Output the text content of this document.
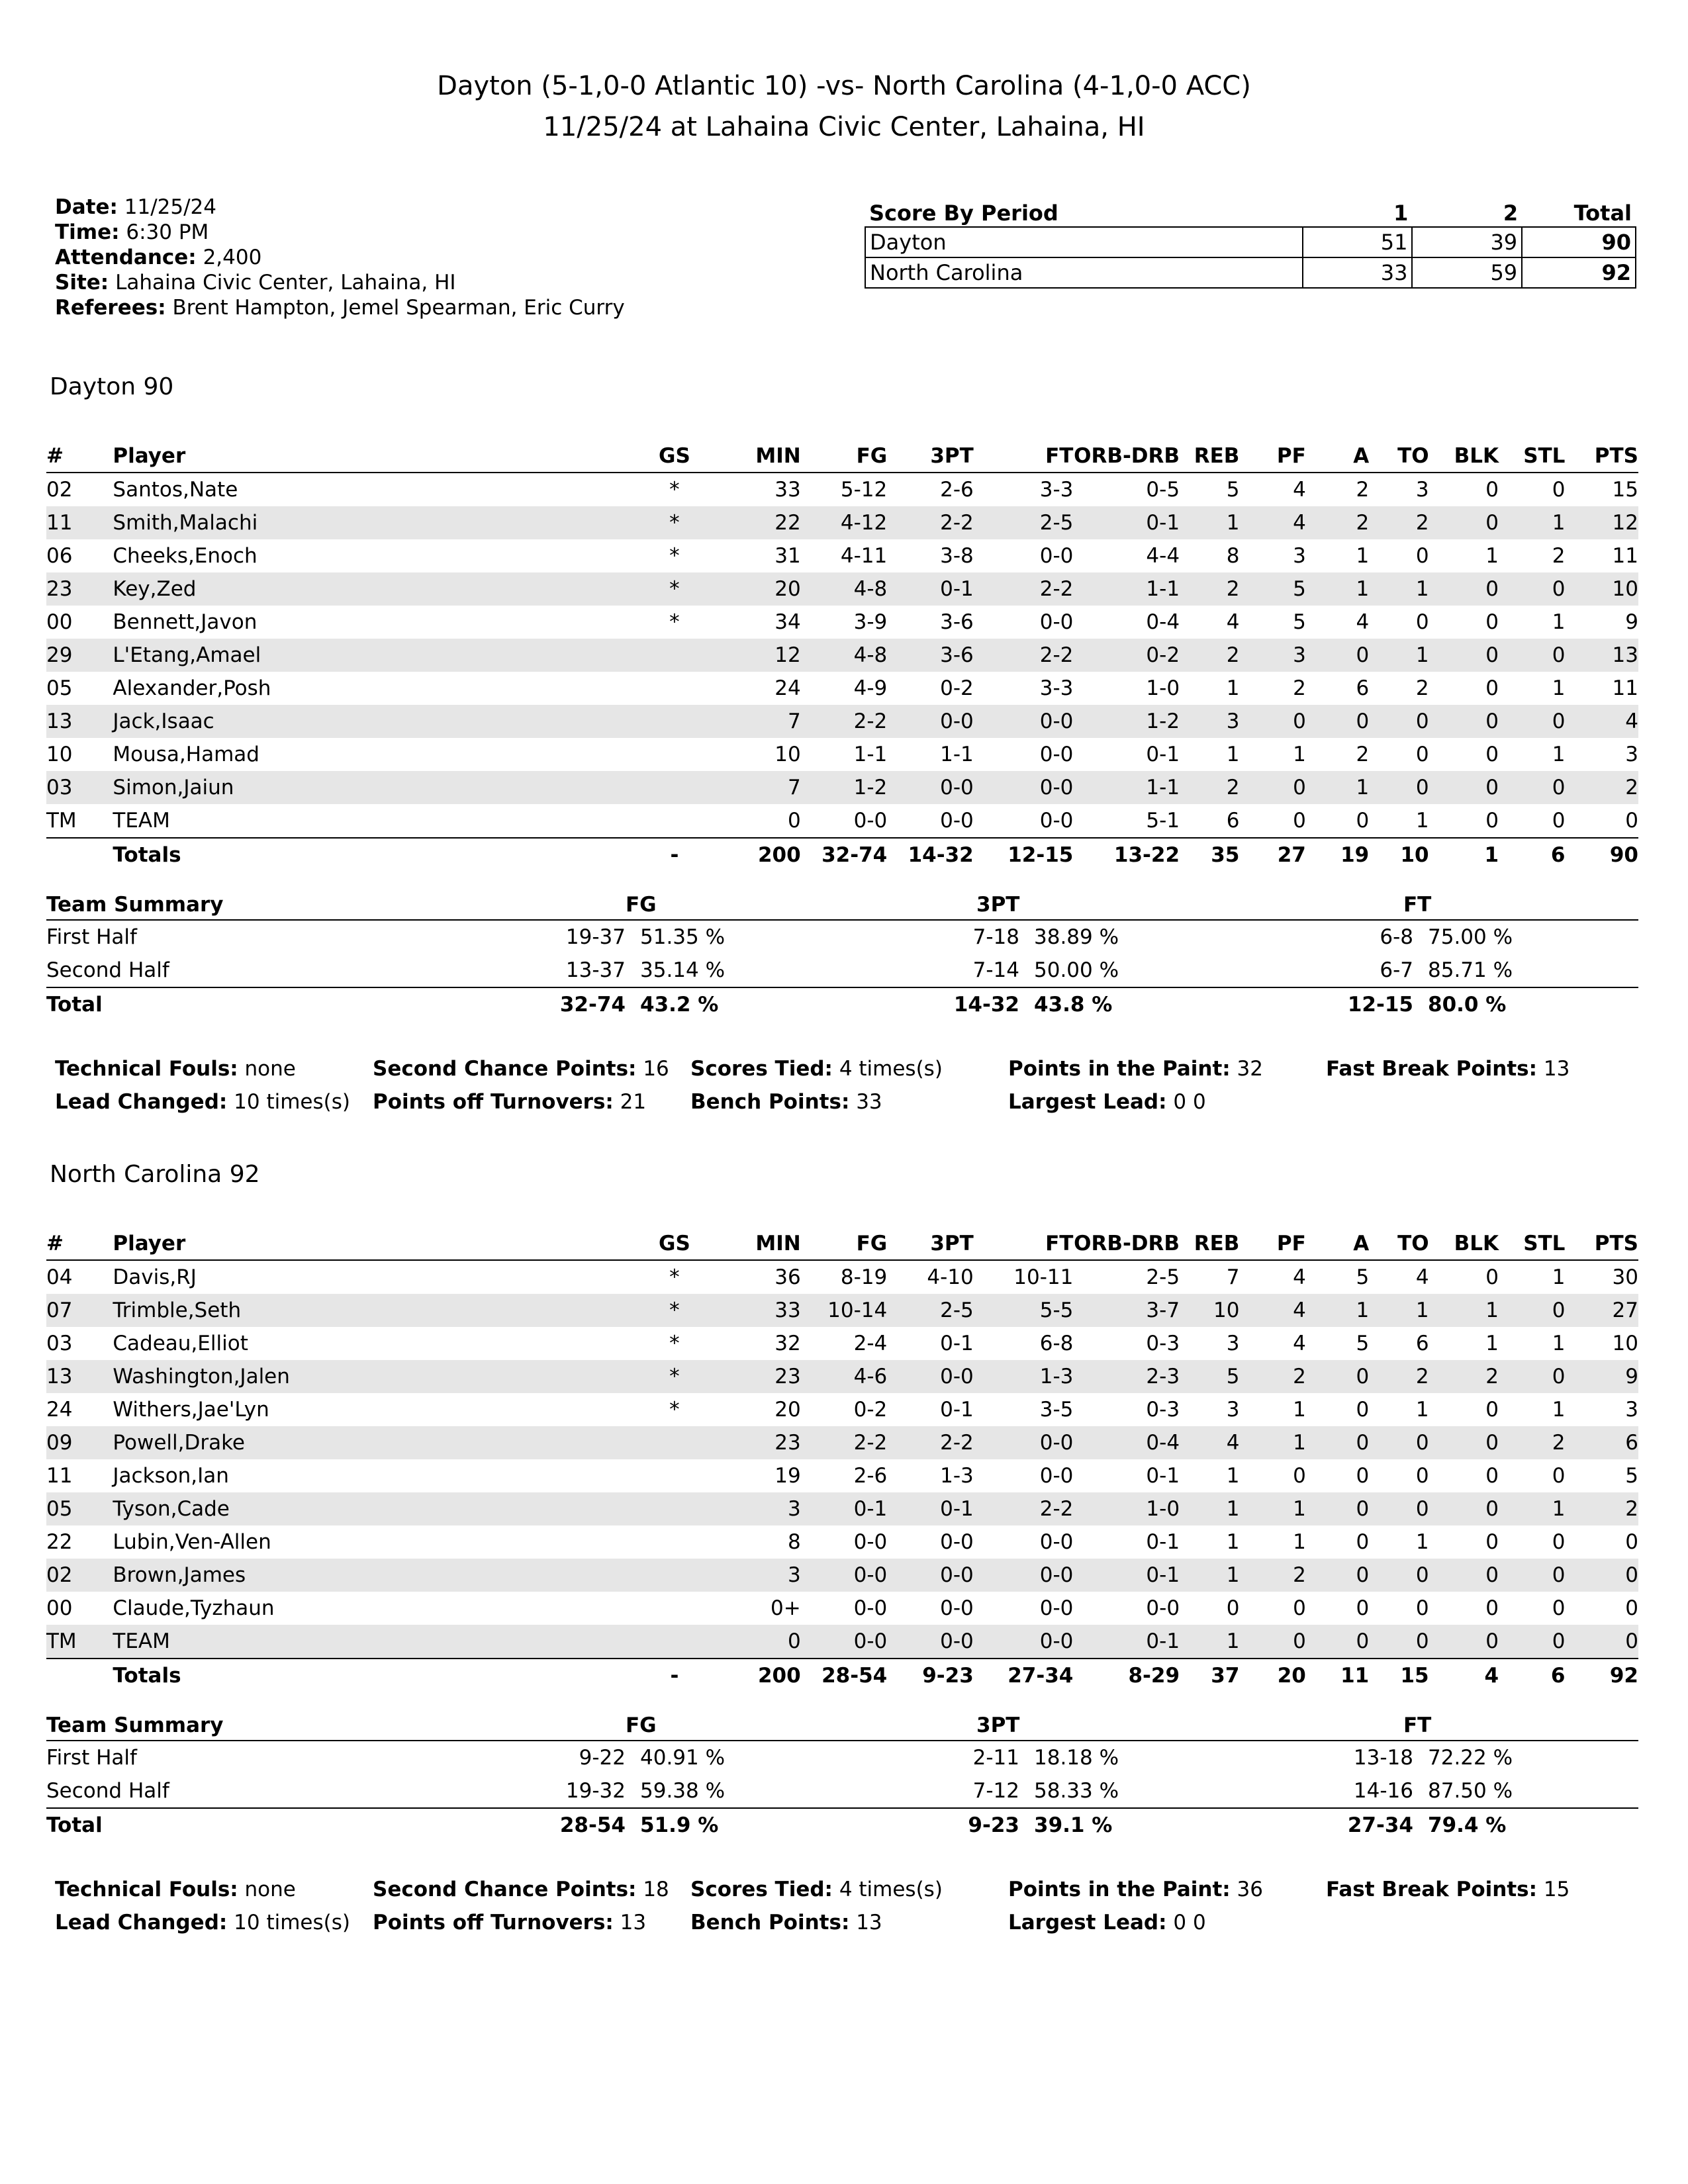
Dayton (5-1,0-0 Atlantic 10) -vs- North Carolina (4-1,0-0 ACC)
11/25/24 at Lahaina Civic Center, Lahaina, HI
Date: 11/25/24
Time: 6:30 PM
Attendance: 2,400
Site: Lahaina Civic Center, Lahaina, HI
Referees: Brent Hampton, Jemel Spearman, Eric Curry
Score By Period	1	2	Total
Dayton	51	39	90
North Carolina	33	59	92
Dayton 90
#	Player	GS	MIN	FG	3PT	FT	ORB-DRB	REB	PF	A	TO	BLK	STL	PTS
02	Santos,Nate	*	33	5-12	2-6	3-3	0-5	5	4	2	3	0	0	15
11	Smith,Malachi	*	22	4-12	2-2	2-5	0-1	1	4	2	2	0	1	12
06	Cheeks,Enoch	*	31	4-11	3-8	0-0	4-4	8	3	1	0	1	2	11
23	Key,Zed	*	20	4-8	0-1	2-2	1-1	2	5	1	1	0	0	10
00	Bennett,Javon	*	34	3-9	3-6	0-0	0-4	4	5	4	0	0	1	9
29	L'Etang,Amael		12	4-8	3-6	2-2	0-2	2	3	0	1	0	0	13
05	Alexander,Posh		24	4-9	0-2	3-3	1-0	1	2	6	2	0	1	11
13	Jack,Isaac		7	2-2	0-0	0-0	1-2	3	0	0	0	0	0	4
10	Mousa,Hamad		10	1-1	1-1	0-0	0-1	1	1	2	0	0	1	3
03	Simon,Jaiun		7	1-2	0-0	0-0	1-1	2	0	1	0	0	0	2
TM	TEAM		0	0-0	0-0	0-0	5-1	6	0	0	1	0	0	0
	Totals	-	200	32-74	14-32	12-15	13-22	35	27	19	10	1	6	90
Team Summary	FG			3PT			FT		
First Half	19-37	51.35 %		7-18	38.89 %		6-8	75.00 %	
Second Half	13-37	35.14 %		7-14	50.00 %		6-7	85.71 %	
Total	32-74	43.2 %		14-32	43.8 %		12-15	80.0 %	
Technical Fouls: none	Second Chance Points: 16 Scores Tied: 4 times(s)	Points in the Paint: 32	Fast Break Points: 13
Lead Changed: 10 times(s) Points off Turnovers: 21 Bench Points: 33	Largest Lead: 0 0
North Carolina 92
#	Player	GS	MIN	FG	3PT	FT	ORB-DRB	REB	PF	A	TO	BLK	STL	PTS
04	Davis,RJ	*	36	8-19	4-10	10-11	2-5	7	4	5	4	0	1	30
07	Trimble,Seth	*	33	10-14	2-5	5-5	3-7	10	4	1	1	1	0	27
03	Cadeau,Elliot	*	32	2-4	0-1	6-8	0-3	3	4	5	6	1	1	10
13	Washington,Jalen	*	23	4-6	0-0	1-3	2-3	5	2	0	2	2	0	9
24	Withers,Jae'Lyn	*	20	0-2	0-1	3-5	0-3	3	1	0	1	0	1	3
09	Powell,Drake		23	2-2	2-2	0-0	0-4	4	1	0	0	0	2	6
11	Jackson,Ian		19	2-6	1-3	0-0	0-1	1	0	0	0	0	0	5
05	Tyson,Cade		3	0-1	0-1	2-2	1-0	1	1	0	0	0	1	2
22	Lubin,Ven-Allen		8	0-0	0-0	0-0	0-1	1	1	0	1	0	0	0
02	Brown,James		3	0-0	0-0	0-0	0-1	1	2	0	0	0	0	0
00	Claude,Tyzhaun		0+	0-0	0-0	0-0	0-0	0	0	0	0	0	0	0
TM	TEAM		0	0-0	0-0	0-0	0-1	1	0	0	0	0	0	0
	Totals	-	200	28-54	9-23	27-34	8-29	37	20	11	15	4	6	92
Team Summary	FG			3PT			FT		
First Half	9-22	40.91 %		2-11	18.18 %		13-18	72.22 %	
Second Half	19-32	59.38 %		7-12	58.33 %		14-16	87.50 %	
Total	28-54	51.9 %		9-23	39.1 %		27-34	79.4 %	
Technical Fouls: none	Second Chance Points: 18 Scores Tied: 4 times(s)	Points in the Paint: 36	Fast Break Points: 15
Lead Changed: 10 times(s) Points off Turnovers: 13 Bench Points: 13	Largest Lead: 0 0
